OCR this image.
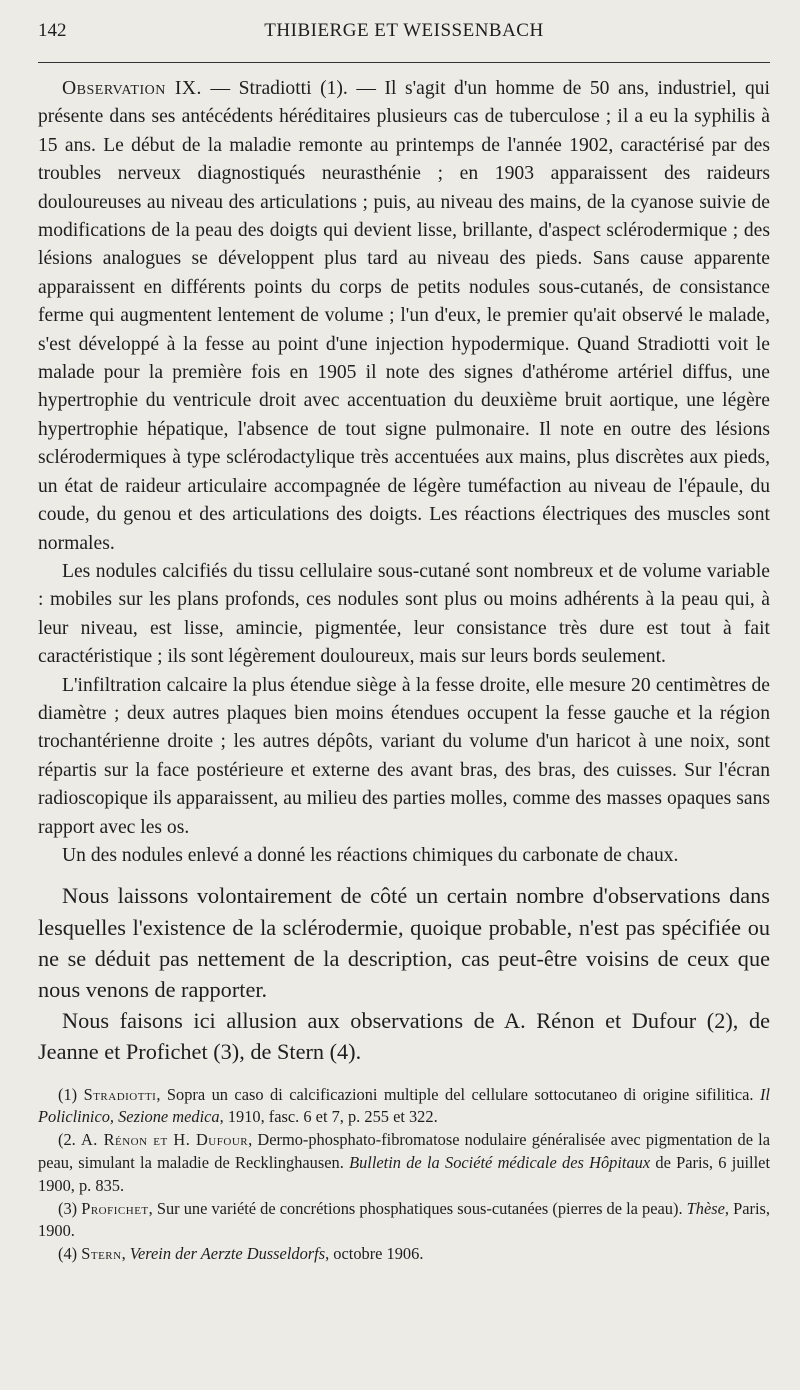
142	THIBIERGE ET WEISSENBACH

Observation IX. — Stradiotti (1). — Il s'agit d'un homme de 50 ans, industriel, qui présente dans ses antécédents héréditaires plusieurs cas de tuberculose ; il a eu la syphilis à 15 ans. Le début de la maladie remonte au printemps de l'année 1902, caractérisé par des troubles nerveux diagnostiqués neurasthénie ; en 1903 apparaissent des raideurs douloureuses au niveau des articulations ; puis, au niveau des mains, de la cyanose suivie de modifications de la peau des doigts qui devient lisse, brillante, d'aspect sclérodermique ; des lésions analogues se développent plus tard au niveau des pieds. Sans cause apparente apparaissent en différents points du corps de petits nodules sous-cutanés, de consistance ferme qui augmentent lentement de volume ; l'un d'eux, le premier qu'ait observé le malade, s'est développé à la fesse au point d'une injection hypodermique. Quand Stradiotti voit le malade pour la première fois en 1905 il note des signes d'athérome artériel diffus, une hypertrophie du ventricule droit avec accentuation du deuxième bruit aortique, une légère hypertrophie hépatique, l'absence de tout signe pulmonaire. Il note en outre des lésions sclérodermiques à type sclérodactylique très accentuées aux mains, plus discrètes aux pieds, un état de raideur articulaire accompagnée de légère tuméfaction au niveau de l'épaule, du coude, du genou et des articulations des doigts. Les réactions électriques des muscles sont normales.

Les nodules calcifiés du tissu cellulaire sous-cutané sont nombreux et de volume variable : mobiles sur les plans profonds, ces nodules sont plus ou moins adhérents à la peau qui, à leur niveau, est lisse, amincie, pigmentée, leur consistance très dure est tout à fait caractéristique ; ils sont légèrement douloureux, mais sur leurs bords seulement.

L'infiltration calcaire la plus étendue siège à la fesse droite, elle mesure 20 centimètres de diamètre ; deux autres plaques bien moins étendues occupent la fesse gauche et la région trochantérienne droite ; les autres dépôts, variant du volume d'un haricot à une noix, sont répartis sur la face postérieure et externe des avant bras, des bras, des cuisses. Sur l'écran radioscopique ils apparaissent, au milieu des parties molles, comme des masses opaques sans rapport avec les os.

Un des nodules enlevé a donné les réactions chimiques du carbonate de chaux.

Nous laissons volontairement de côté un certain nombre d'observations dans lesquelles l'existence de la sclérodermie, quoique probable, n'est pas spécifiée ou ne se déduit pas nettement de la description, cas peut-être voisins de ceux que nous venons de rapporter.

Nous faisons ici allusion aux observations de A. Rénon et Dufour (2), de Jeanne et Profichet (3), de Stern (4).

(1) Stradiotti, Sopra un caso di calcificazioni multiple del cellulare sottocutaneo di origine sifilitica. Il Policlinico, Sezione medica, 1910, fasc. 6 et 7, p. 255 et 322.

(2. A. Rénon et H. Dufour, Dermo-phosphato-fibromatose nodulaire généralisée avec pigmentation de la peau, simulant la maladie de Recklinghausen. Bulletin de la Société médicale des Hôpitaux de Paris, 6 juillet 1900, p. 835.

(3) Profichet, Sur une variété de concrétions phosphatiques sous-cutanées (pierres de la peau). Thèse, Paris, 1900.

(4) Stern, Verein der Aerzte Dusseldorfs, octobre 1906.
